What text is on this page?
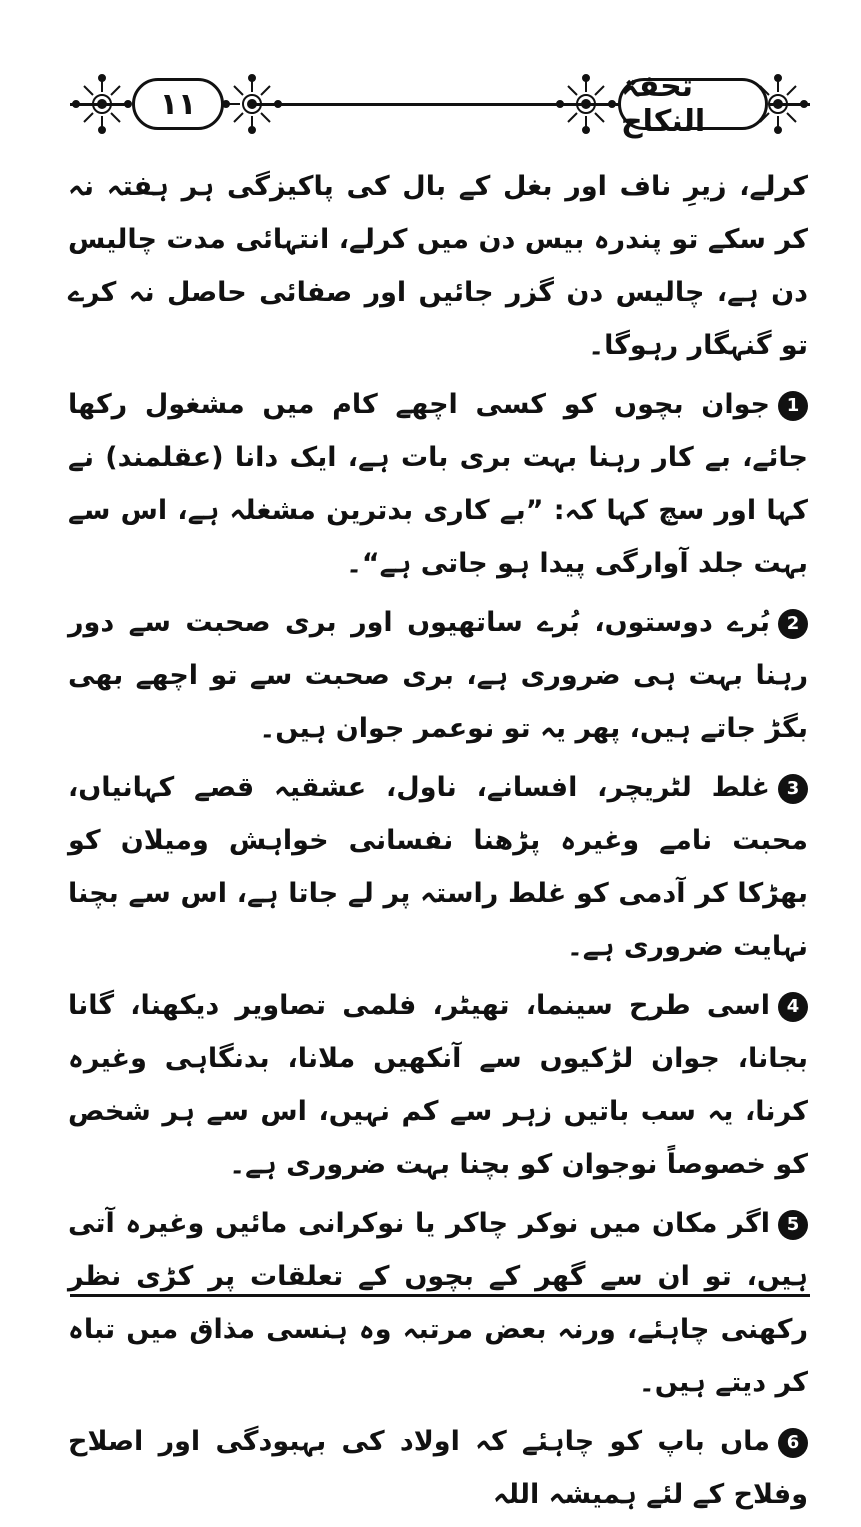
۱۱	تحفۃ النکاح

کرلے، زیرِ ناف اور بغل کے بال کی پاکیزگی ہر ہفتہ نہ کر سکے تو پندرہ بیس دن میں کرلے، انتہائی مدت چالیس دن ہے، چالیس دن گزر جائیں اور صفائی حاصل نہ کرے تو گنہگار رہوگا۔

1جوان بچوں کو کسی اچھے کام میں مشغول رکھا جائے، بے کار رہنا بہت بری بات ہے، ایک دانا (عقلمند) نے کہا اور سچ کہا کہ: ”بے کاری بدترین مشغلہ ہے، اس سے بہت جلد آوارگی پیدا ہو جاتی ہے“۔

2بُرے دوستوں، بُرے ساتھیوں اور بری صحبت سے دور رہنا بہت ہی ضروری ہے، بری صحبت سے تو اچھے بھی بگڑ جاتے ہیں، پھر یہ تو نوعمر جوان ہیں۔

3غلط لٹریچر، افسانے، ناول، عشقیہ قصے کہانیاں، محبت نامے وغیرہ پڑھنا نفسانی خواہش ومیلان کو بھڑکا کر آدمی کو غلط راستہ پر لے جاتا ہے، اس سے بچنا نہایت ضروری ہے۔

4اسی طرح سینما، تھیٹر، فلمی تصاویر دیکھنا، گانا بجانا، جوان لڑکیوں سے آنکھیں ملانا، بدنگاہی وغیرہ کرنا، یہ سب باتیں زہر سے کم نہیں، اس سے ہر شخص کو خصوصاً نوجوان کو بچنا بہت ضروری ہے۔

5اگر مکان میں نوکر چاکر یا نوکرانی مائیں وغیرہ آتی ہیں، تو ان سے گھر کے بچوں کے تعلقات پر کڑی نظر رکھنی چاہئے، ورنہ بعض مرتبہ وہ ہنسی مذاق میں تباہ کر دیتے ہیں۔

6ماں باپ کو چاہئے کہ اولاد کی بہبودگی اور اصلاح وفلاح کے لئے ہمیشہ اللہ
